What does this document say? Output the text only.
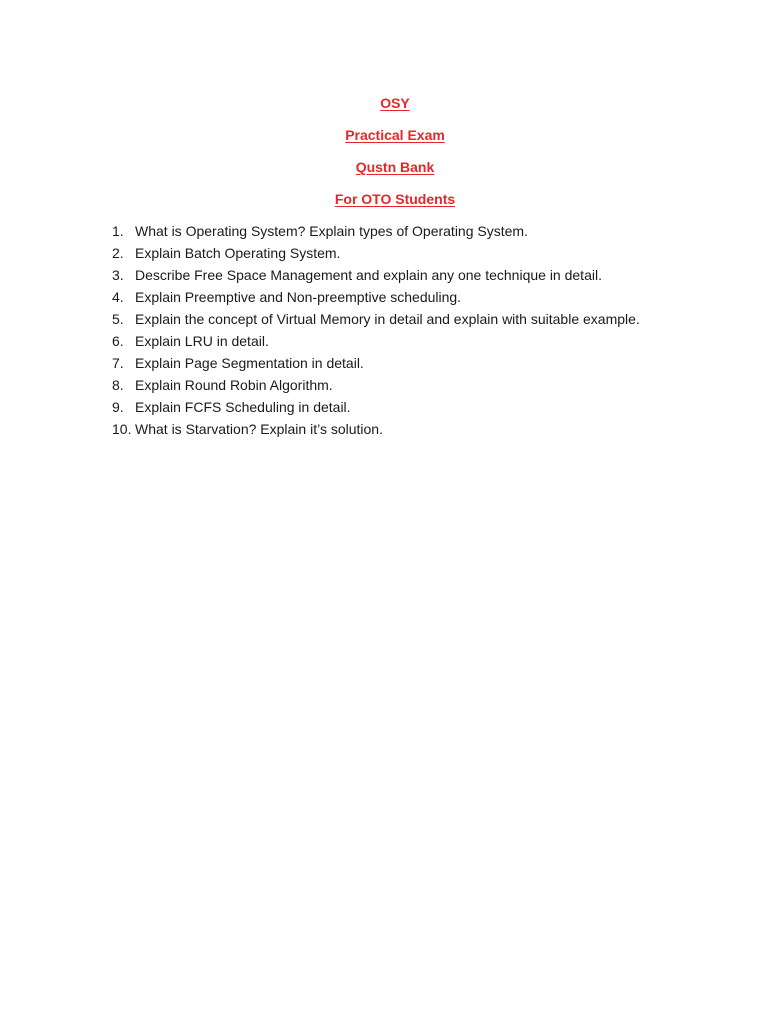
OSY
Practical Exam
Qustn Bank
For OTO Students
1. What is Operating System? Explain types of Operating System.
2. Explain Batch Operating System.
3. Describe Free Space Management and explain any one technique in detail.
4. Explain Preemptive and Non-preemptive scheduling.
5. Explain the concept of Virtual Memory in detail and explain with suitable example.
6. Explain LRU in detail.
7. Explain Page Segmentation in detail.
8. Explain Round Robin Algorithm.
9. Explain FCFS Scheduling in detail.
10. What is Starvation? Explain it’s solution.
